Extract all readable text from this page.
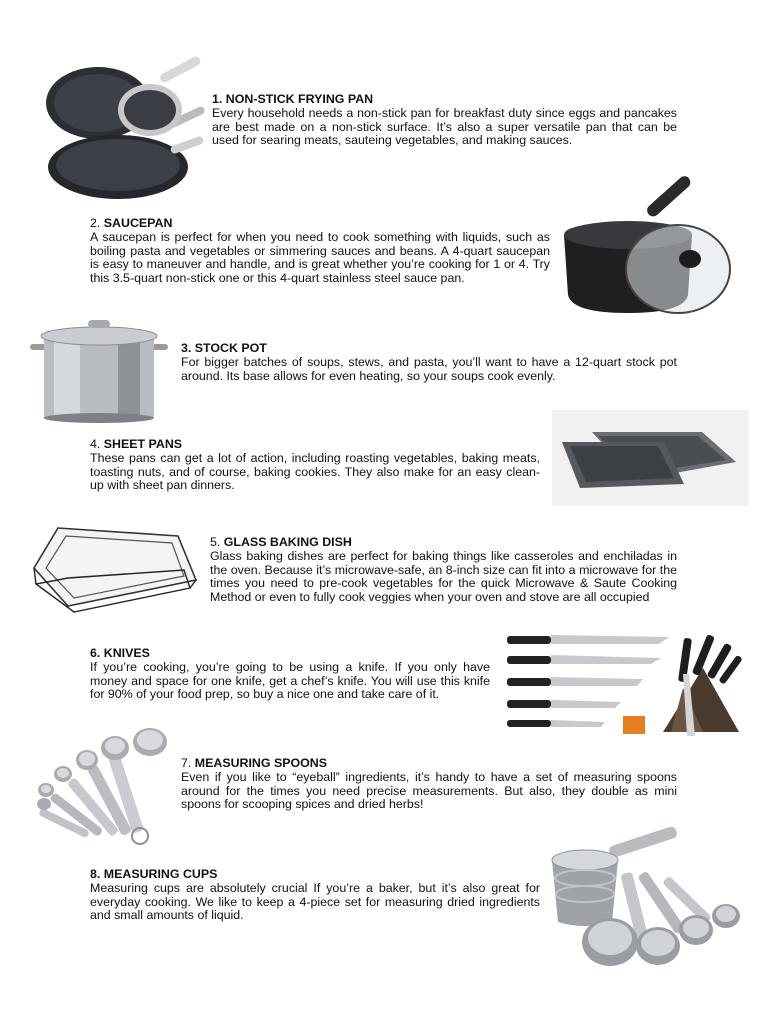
1. NON-STICK FRYING PAN
Every household needs a non-stick pan for breakfast duty since eggs and pancakes are best made on a non-stick surface. It’s also a super versatile pan that can be used for searing meats, sauteing vegetables, and making sauces.
2. SAUCEPAN
A saucepan is perfect for when you need to cook something with liquids, such as boiling pasta and vegetables or simmering sauces and beans. A 4-quart saucepan is easy to maneuver and handle, and is great whether you’re cooking for 1 or 4. Try this 3.5-quart non-stick one or this 4-quart stainless steel sauce pan.
3. STOCK POT
For bigger batches of soups, stews, and pasta, you’ll want to have a 12-quart stock pot around. Its base allows for even heating, so your soups cook evenly.
4. SHEET PANS
These pans can get a lot of action, including roasting vegetables, baking meats, toasting nuts, and of course, baking cookies. They also make for an easy clean-up with sheet pan dinners.
5. GLASS BAKING DISH
Glass baking dishes are perfect for baking things like casseroles and enchiladas in the oven. Because it’s microwave-safe, an 8-inch size can fit into a microwave for the times you need to pre-cook vegetables for the quick Microwave & Saute Cooking Method or even to fully cook veggies when your oven and stove are all occupied
6. KNIVES
If you’re cooking, you’re going to be using a knife. If you only have money and space for one knife, get a chef’s knife. You will use this knife for 90% of your food prep, so buy a nice one and take care of it.
7. MEASURING SPOONS
Even if you like to “eyeball” ingredients, it’s handy to have a set of measuring spoons around for the times you need precise measurements. But also, they double as mini spoons for scooping spices and dried herbs!
8. MEASURING CUPS
Measuring cups are absolutely crucial If you’re a baker, but it’s also great for everyday cooking. We like to keep a 4-piece set for measuring dried ingredients and small amounts of liquid.
